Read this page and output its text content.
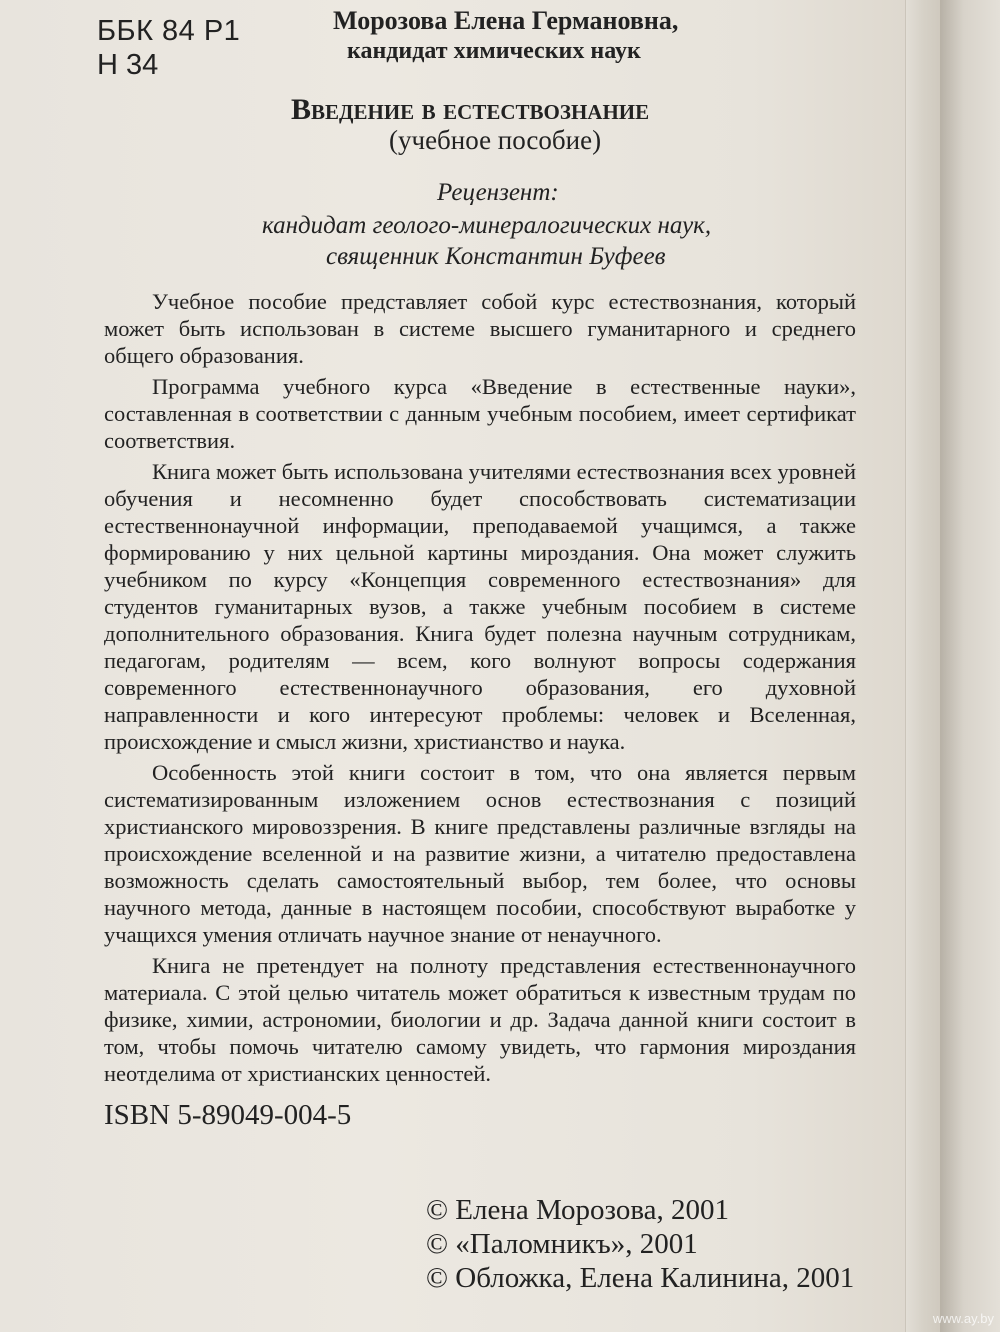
ББК 84 Р1
Н 34
Морозова Елена Германовна,
кандидат химических наук
Введение в естествознание
(учебное пособие)
Рецензент:
кандидат геолого-минералогических наук,
священник Константин Буфеев

Учебное пособие представляет собой курс естествознания, который может быть использован в системе высшего гуманитарного и среднего общего образования.

Программа учебного курса «Введение в естественные науки», составленная в соответствии с данным учебным пособием, имеет сертификат соответствия.

Книга может быть использована учителями естествознания всех уровней обучения и несомненно будет способствовать систематизации естественнонаучной информации, преподаваемой учащимся, а также формированию у них цельной картины мироздания. Она может служить учебником по курсу «Концепция современного естествознания» для студентов гуманитарных вузов, а также учебным пособием в системе дополнительного образования. Книга будет полезна научным сотрудникам, педагогам, родителям — всем, кого волнуют вопросы содержания современного естественнонаучного образования, его духовной направленности и кого интересуют проблемы: человек и Вселенная, происхождение и смысл жизни, христианство и наука.

Особенность этой книги состоит в том, что она является первым систематизированным изложением основ естествознания с позиций христианского мировоззрения. В книге представлены различные взгляды на происхождение вселенной и на развитие жизни, а читателю предоставлена возможность сделать самостоятельный выбор, тем более, что основы научного метода, данные в настоящем пособии, способствуют выработке у учащихся умения отличать научное знание от ненаучного.

Книга не претендует на полноту представления естественнонаучного материала. С этой целью читатель может обратиться к известным трудам по физике, химии, астрономии, биологии и др. Задача данной книги состоит в том, чтобы помочь читателю самому увидеть, что гармония мироздания неотделима от христианских ценностей.

ISBN 5-89049-004-5
© Елена Морозова, 2001
© «Паломникъ», 2001
© Обложка, Елена Калинина, 2001
www.ay.by
